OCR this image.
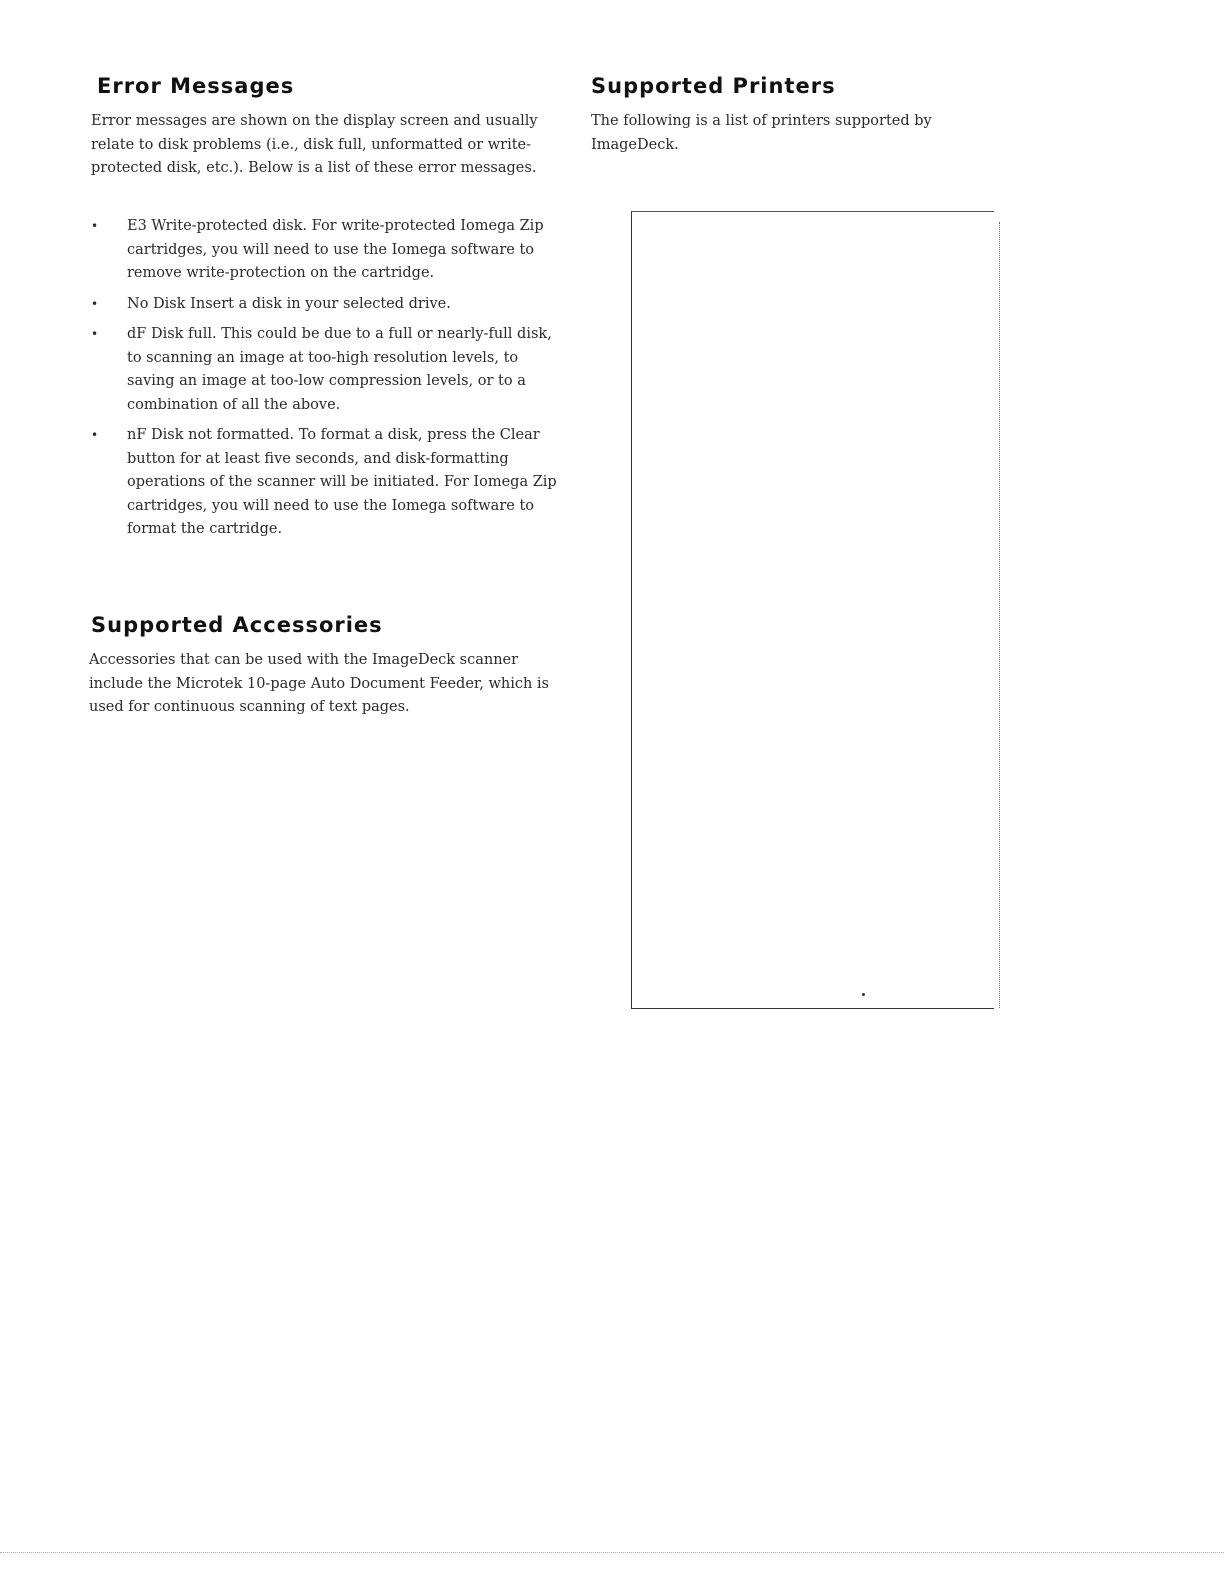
Error Messages

Error messages are shown on the display screen and usually relate to disk problems (i.e., disk full, unformatted or write-protected disk, etc.). Below is a list of these error messages.

• E3 Write-protected disk. For write-protected Iomega Zip cartridges, you will need to use the Iomega software to remove write-protection on the cartridge.
• No Disk Insert a disk in your selected drive.
• dF Disk full. This could be due to a full or nearly-full disk, to scanning an image at too-high resolution levels, to saving an image at too-low compression levels, or to a combination of all the above.
• nF Disk not formatted. To format a disk, press the Clear button for at least five seconds, and disk-formatting operations of the scanner will be initiated. For Iomega Zip cartridges, you will need to use the Iomega software to format the cartridge.
Supported Accessories

Accessories that can be used with the ImageDeck scanner include the Microtek 10-page Auto Document Feeder, which is used for continuous scanning of text pages.

Supported Printers

The following is a list of printers supported by ImageDeck.
